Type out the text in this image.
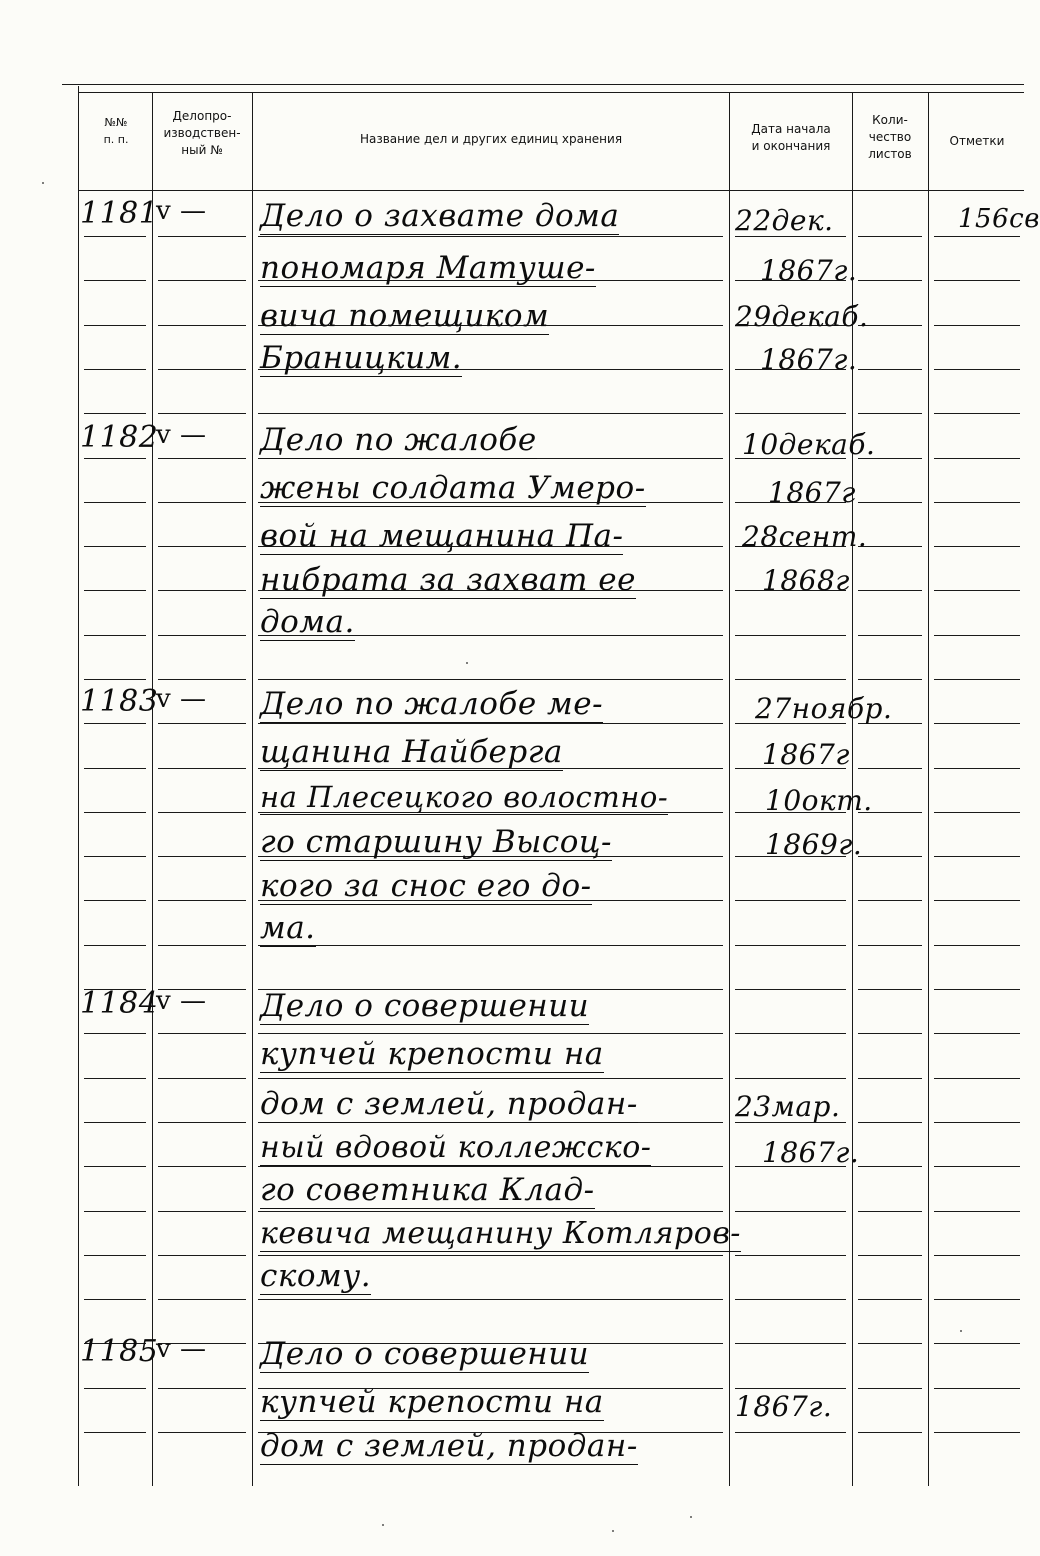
№№
п. п.
Делопро-
изводствен-
ный №
Название дел и других единиц хранения
Дата начала
и окончания
Коли-
чество
листов
Отметки
1181
v — Дело о захвате дома
пономаря Матуше-
вича помещиком
Браницким.
22дек.
1867г.
29декаб.
1867г.
156св
1182
v — Дело по жалобе
жены солдата Умеро-
вой на мещанина Па-
нибрата за захват ее
дома.
10декаб.
1867г
28сент.
1868г
1183
v — Дело по жалобе ме-
щанина Найберга
на Плесецкого волостно-
го старшину Высоц-
кого за снос его до-
ма.
27ноябр.
1867г
10окт.
1869г.
1184
v — Дело о совершении
купчей крепости на
дом с землей, продан-
ный вдовой коллежско-
го советника Клад-
кевича мещанину Котляров-
скому.
23мар.
1867г.
1185
v — Дело о совершении
купчей крепости на
дом с землей, продан-
1867г.
